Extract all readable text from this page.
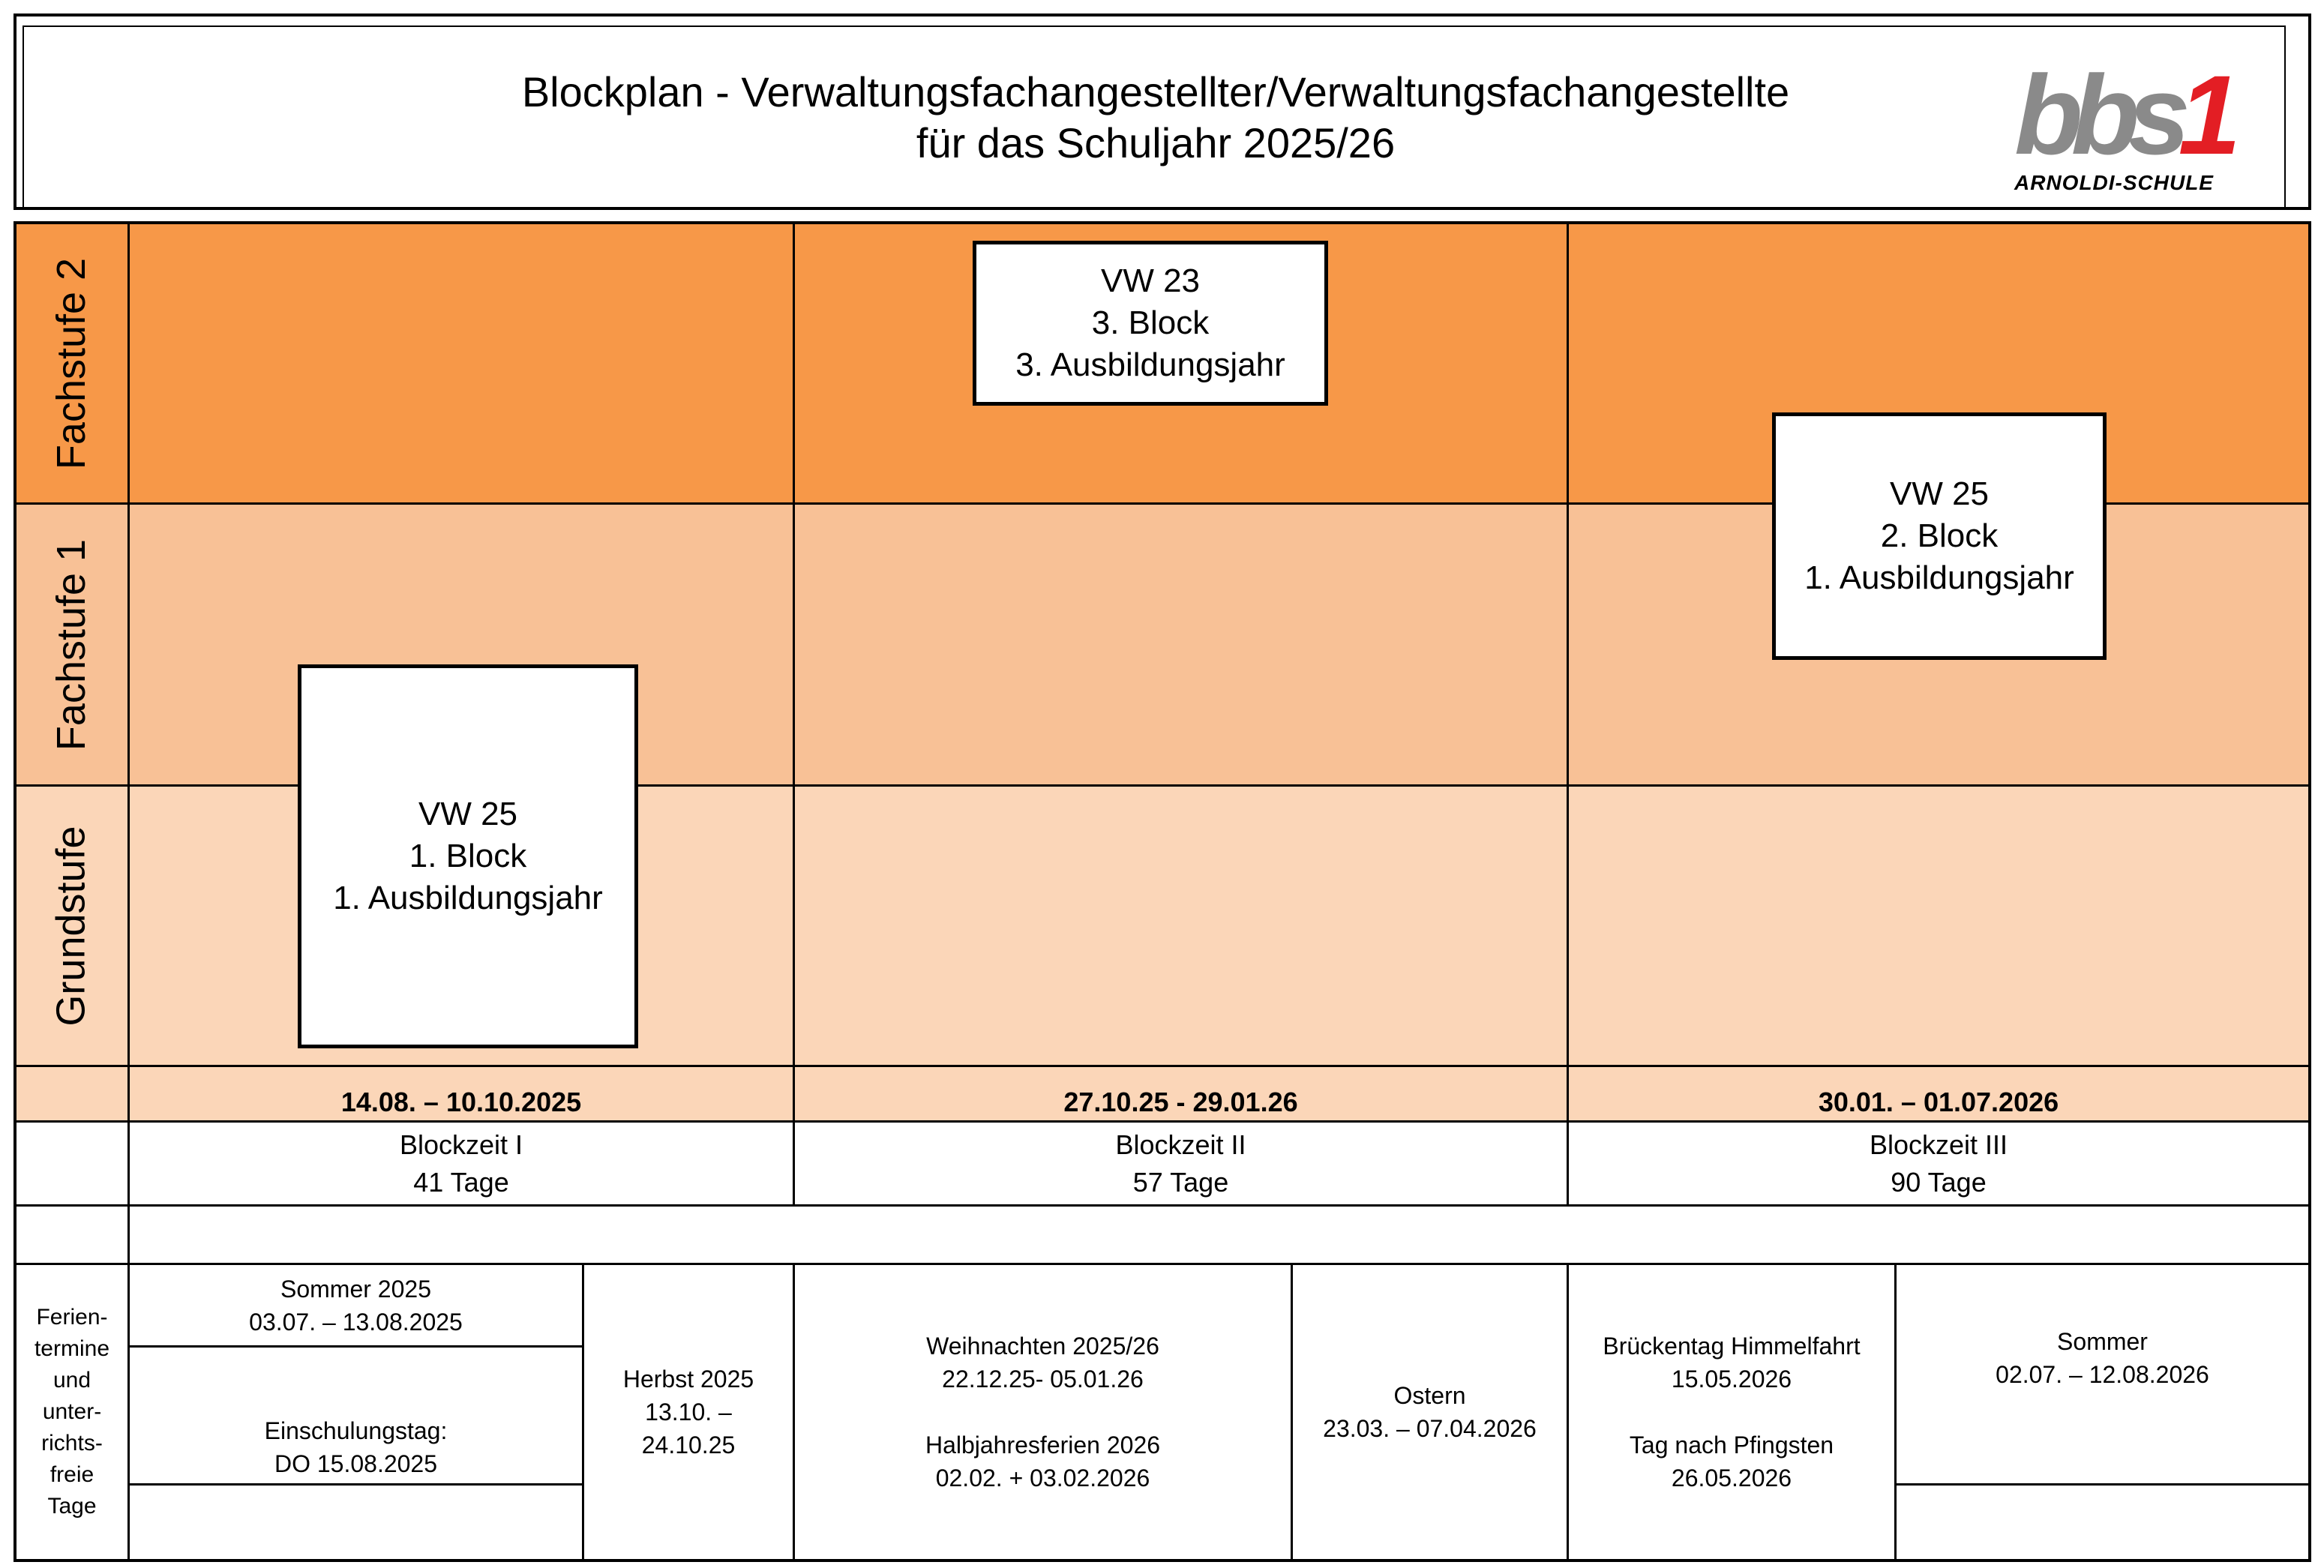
Blockplan - Verwaltungsfachangestellter/Verwaltungsfachangestellte
für das Schuljahr 2025/26	bbs1
ARNOLDI-SCHULE
Fachstufe 2
Fachstufe 1
Grundstufe
VW 25
1. Block
1. Ausbildungsjahr
VW 23
3. Block
3. Ausbildungsjahr
VW 25
2. Block
1. Ausbildungsjahr
14.08. – 10.10.2025	27.10.25 - 29.01.26	30.01. – 01.07.2026
Blockzeit I
41 Tage
Blockzeit II
57 Tage
Blockzeit III
90 Tage
Ferien-
termine
und
unter-
richts-
freie
Tage
Sommer 2025
03.07. – 13.08.2025
Einschulungstag:
DO 15.08.2025
Herbst 2025
13.10. –
24.10.25
Weihnachten 2025/26
22.12.25- 05.01.26
Halbjahresferien 2026
02.02. + 03.02.2026
Ostern
23.03. – 07.04.2026
Brückentag Himmelfahrt
15.05.2026
Tag nach Pfingsten
26.05.2026
Sommer
02.07. – 12.08.2026
